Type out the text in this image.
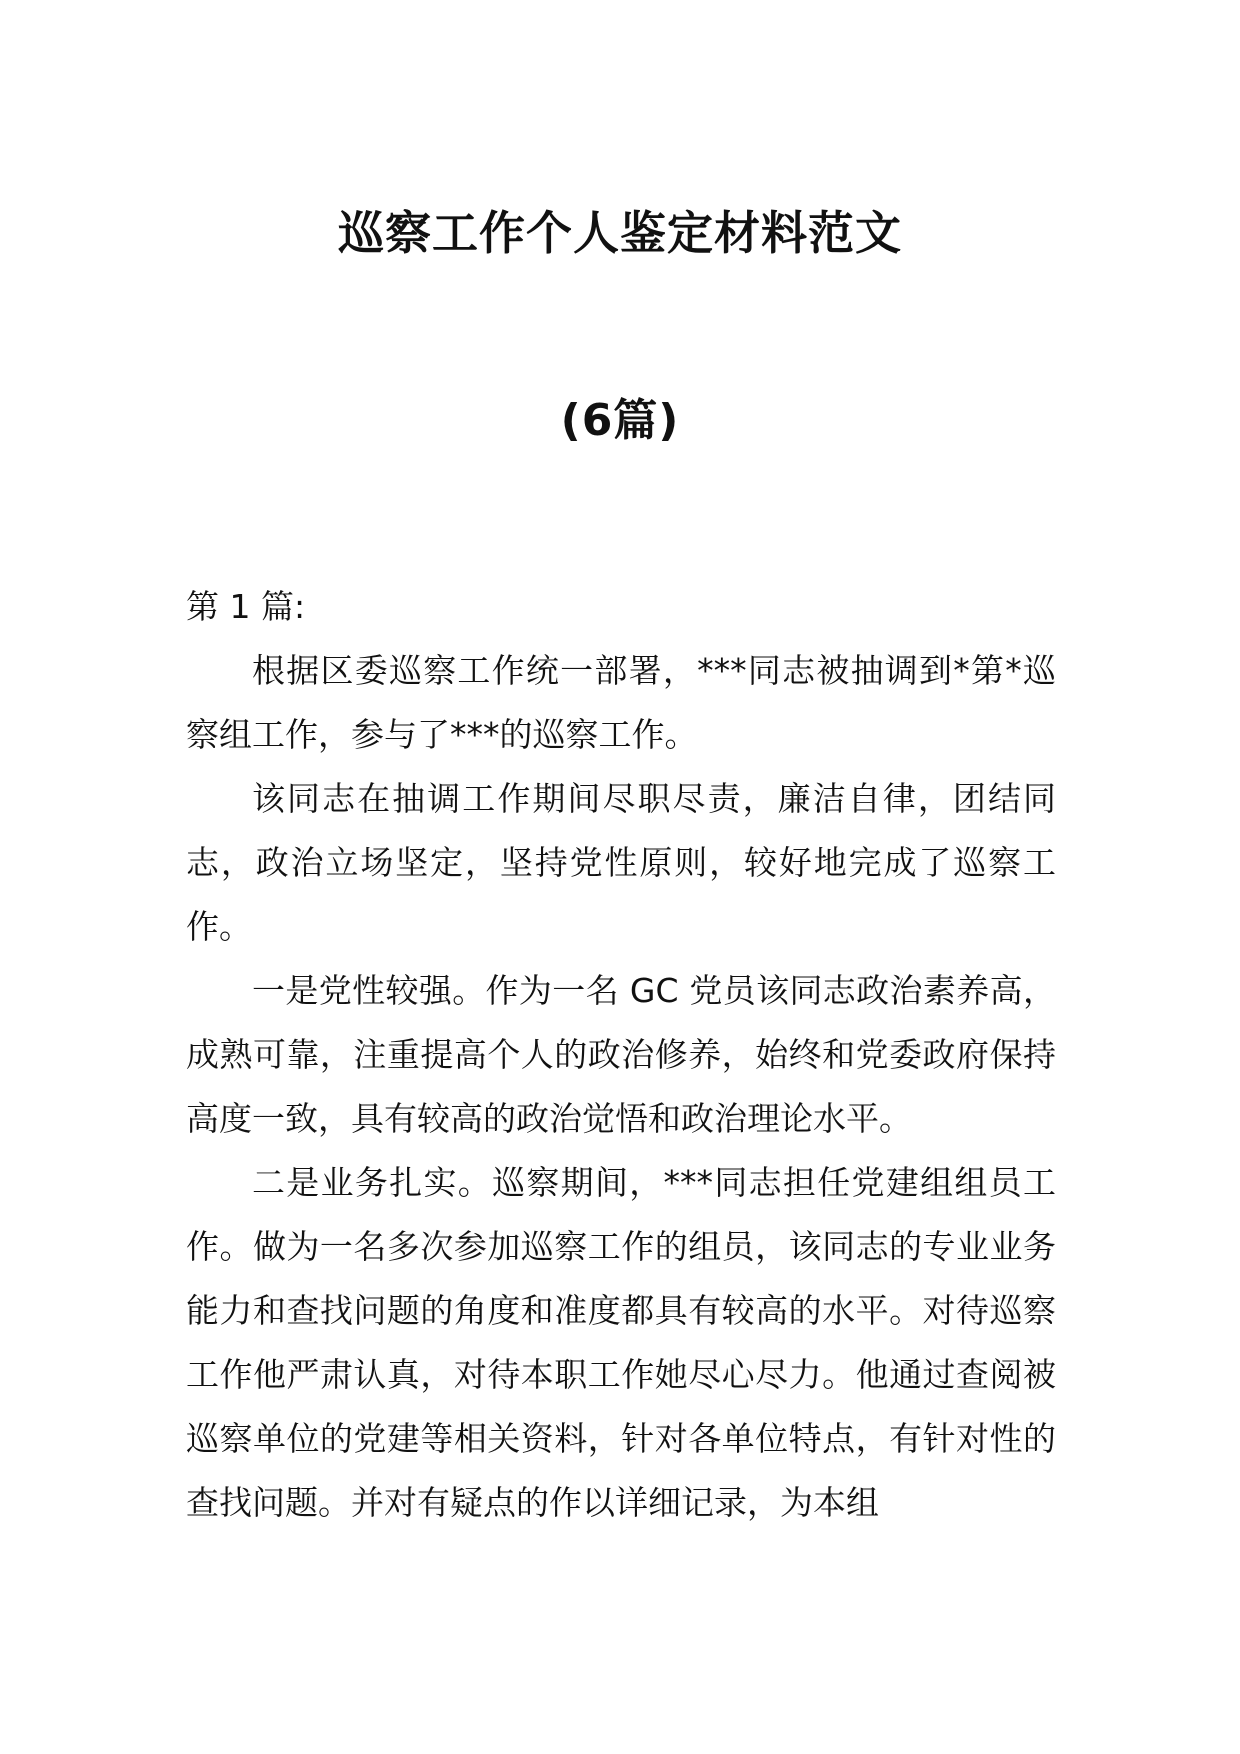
巡察工作个人鉴定材料范文
(6篇)

第 1 篇:

根据区委巡察工作统一部署，***同志被抽调到*第*巡察组工作，参与了***的巡察工作。

该同志在抽调工作期间尽职尽责，廉洁自律，团结同志，政治立场坚定，坚持党性原则，较好地完成了巡察工作。

一是党性较强。作为一名 GC 党员该同志政治素养高，成熟可靠，注重提高个人的政治修养，始终和党委政府保持高度一致，具有较高的政治觉悟和政治理论水平。

二是业务扎实。巡察期间，***同志担任党建组组员工作。做为一名多次参加巡察工作的组员，该同志的专业业务能力和查找问题的角度和准度都具有较高的水平。对待巡察工作他严肃认真，对待本职工作她尽心尽力。他通过查阅被巡察单位的党建等相关资料，针对各单位特点，有针对性的查找问题。并对有疑点的作以详细记录，为本组
